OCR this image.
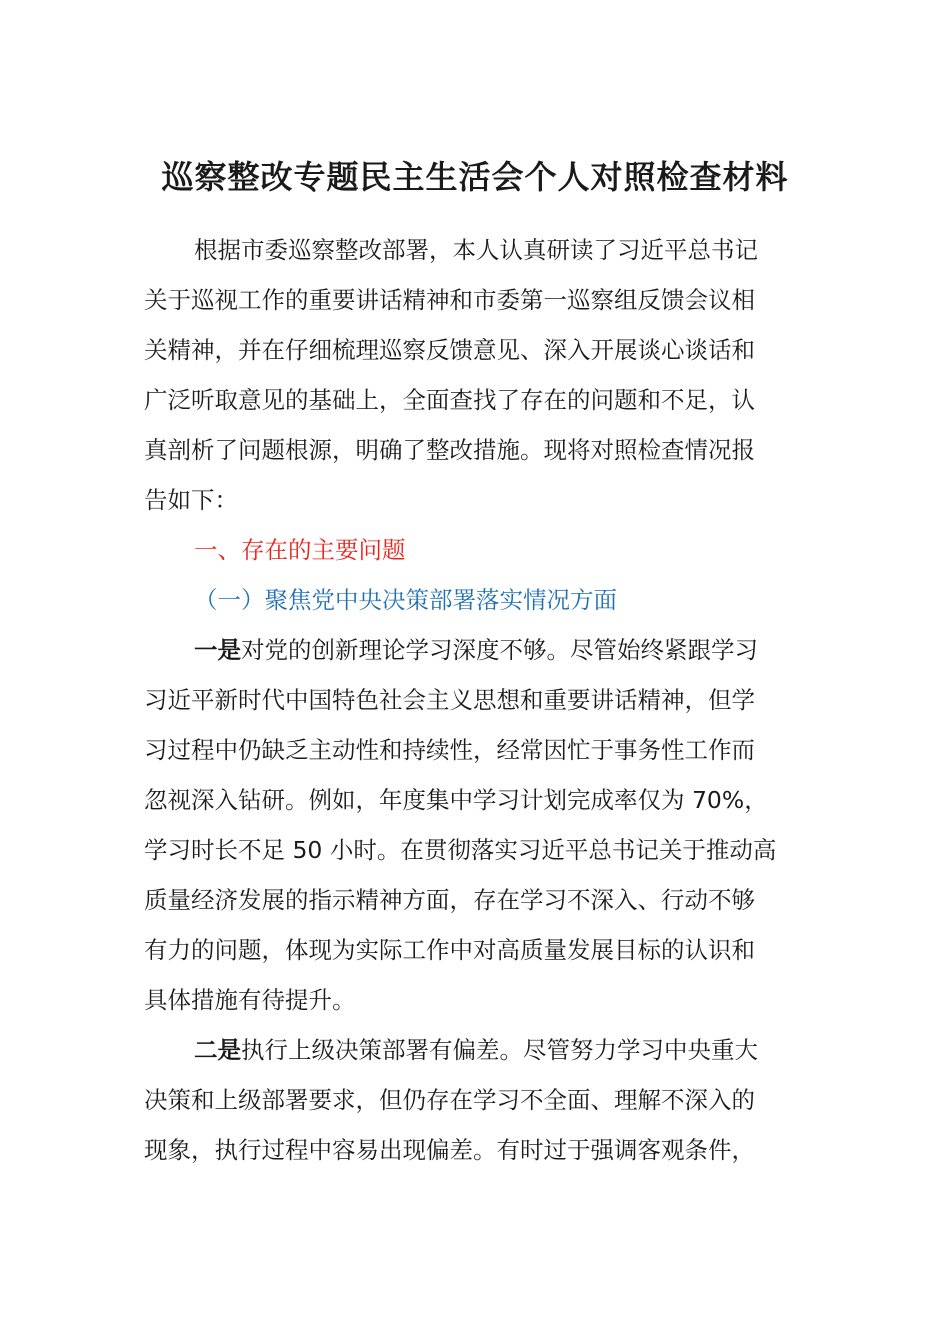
巡察整改专题民主生活会个人对照检查材料
根据市委巡察整改部署，本人认真研读了习近平总书记
关于巡视工作的重要讲话精神和市委第一巡察组反馈会议相
关精神，并在仔细梳理巡察反馈意见、深入开展谈心谈话和
广泛听取意见的基础上，全面查找了存在的问题和不足，认
真剖析了问题根源，明确了整改措施。现将对照检查情况报
告如下：
一、存在的主要问题
（一）聚焦党中央决策部署落实情况方面
一是对党的创新理论学习深度不够。尽管始终紧跟学习
习近平新时代中国特色社会主义思想和重要讲话精神，但学
习过程中仍缺乏主动性和持续性，经常因忙于事务性工作而
忽视深入钻研。例如，年度集中学习计划完成率仅为 70%，
学习时长不足 50 小时。在贯彻落实习近平总书记关于推动高
质量经济发展的指示精神方面，存在学习不深入、行动不够
有力的问题，体现为实际工作中对高质量发展目标的认识和
具体措施有待提升。
二是执行上级决策部署有偏差。尽管努力学习中央重大
决策和上级部署要求，但仍存在学习不全面、理解不深入的
现象，执行过程中容易出现偏差。有时过于强调客观条件，
